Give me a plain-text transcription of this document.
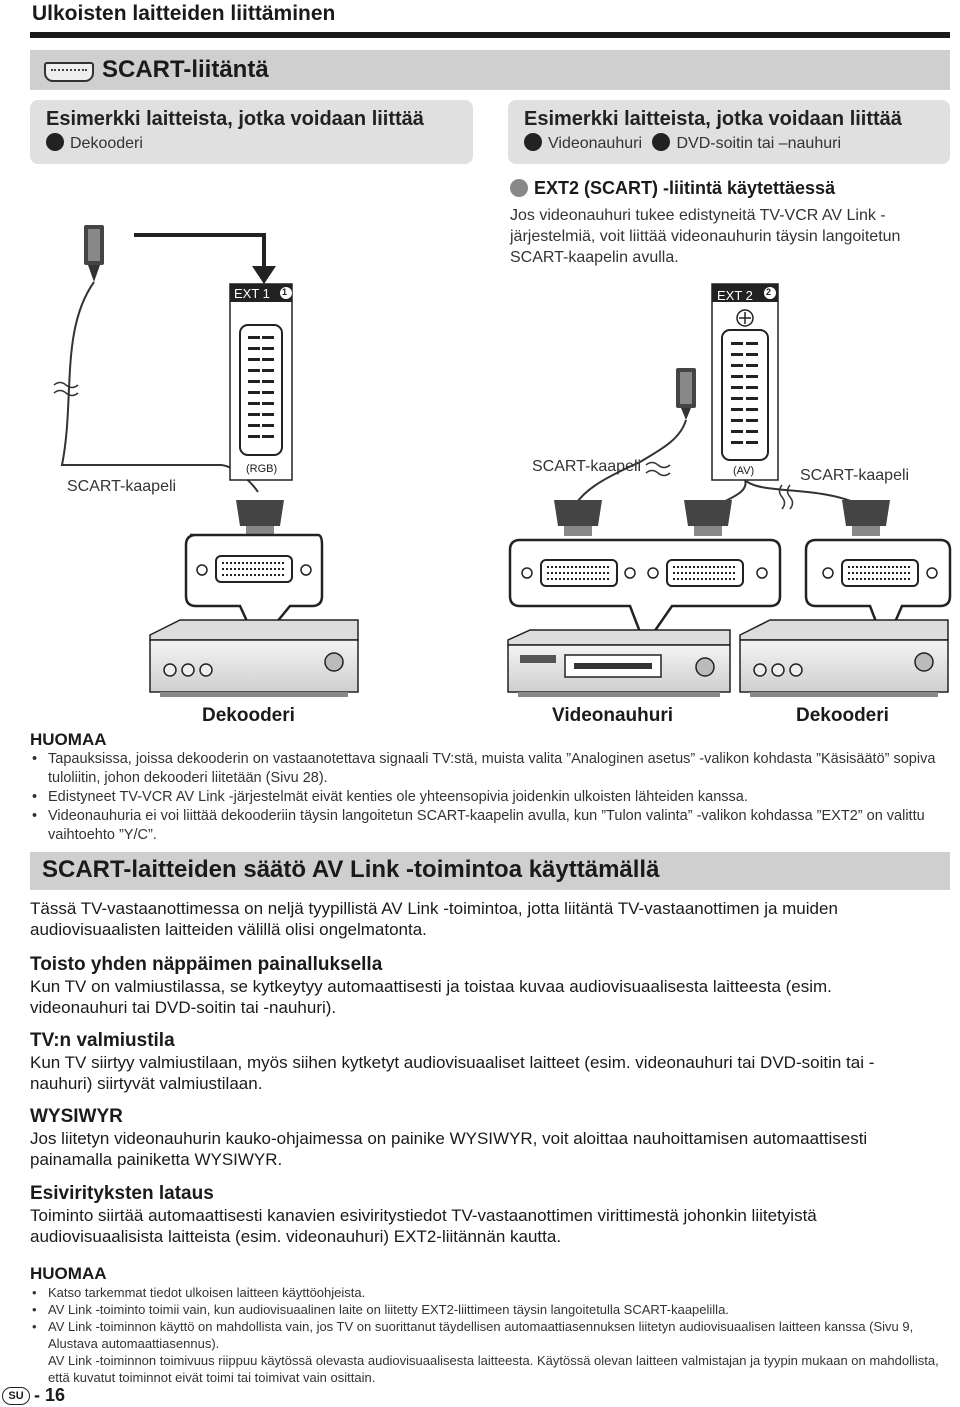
Ulkoisten laitteiden liittäminen
SCART-liitäntä
Esimerkki laitteista, jotka voidaan liittää
Dekooderi
Esimerkki laitteista, jotka voidaan liittää
Videonauhuri DVD-soitin tai –nauhuri
EXT2 (SCART) -liitintä käytettäessä
Jos videonauhuri tukee edistyneitä TV-VCR AV Link -järjestelmiä, voit liittää videonauhurin täysin langoitetun SCART-kaapelin avulla.
EXT 1 1	EXT 2 2
(RGB)	(AV)
SCART-kaapeli
SCART-kaapeli
SCART-kaapeli
Dekooderi	Videonauhuri	Dekooderi
HUOMAA
• Tapauksissa, joissa dekooderin on vastaanotettava signaali TV:stä, muista valita ”Analoginen asetus” -valikon kohdasta ”Käsisäätö” sopiva tuloliitin, johon dekooderi liitetään (Sivu 28).
• Edistyneet TV-VCR AV Link -järjestelmät eivät kenties ole yhteensopivia joidenkin ulkoisten lähteiden kanssa.
• Videonauhuria ei voi liittää dekooderiin täysin langoitetun SCART-kaapelin avulla, kun ”Tulon valinta” -valikon kohdassa ”EXT2” on valittu vaihtoehto ”Y/C”.
SCART-laitteiden säätö AV Link -toimintoa käyttämällä
Tässä TV-vastaanottimessa on neljä tyypillistä AV Link -toimintoa, jotta liitäntä TV-vastaanottimen ja muiden audiovisuaalisten laitteiden välillä olisi ongelmatonta.
Toisto yhden näppäimen painalluksella
Kun TV on valmiustilassa, se kytkeytyy automaattisesti ja toistaa kuvaa audiovisuaalisesta laitteesta (esim. videonauhuri tai DVD-soitin tai -nauhuri).
TV:n valmiustila
Kun TV siirtyy valmiustilaan, myös siihen kytketyt audiovisuaaliset laitteet (esim. videonauhuri tai DVD-soitin tai -nauhuri) siirtyvät valmiustilaan.
WYSIWYR
Jos liitetyn videonauhurin kauko-ohjaimessa on painike WYSIWYR, voit aloittaa nauhoittamisen automaattisesti painamalla painiketta WYSIWYR.
Esivirityksten lataus
Toiminto siirtää automaattisesti kanavien esiviritystiedot TV-vastaanottimen virittimestä johonkin liitetyistä audiovisuaalisista laitteista (esim. videonauhuri) EXT2-liitännän kautta.
HUOMAA
• Katso tarkemmat tiedot ulkoisen laitteen käyttöohjeista.
• AV Link -toiminto toimii vain, kun audiovisuaalinen laite on liitetty EXT2-liittimeen täysin langoitetulla SCART-kaapelilla.
• AV Link -toiminnon käyttö on mahdollista vain, jos TV on suorittanut täydellisen automaattiasennuksen liitetyn audiovisuaalisen laitteen kanssa (Sivu 9, Alustava automaattiasennus).
AV Link -toiminnon toimivuus riippuu käytössä olevasta audiovisuaalisesta laitteesta. Käytössä olevan laitteen valmistajan ja tyypin mukaan on mahdollista, että kuvatut toiminnot eivät toimi tai toimivat vain osittain.
SU - 16
